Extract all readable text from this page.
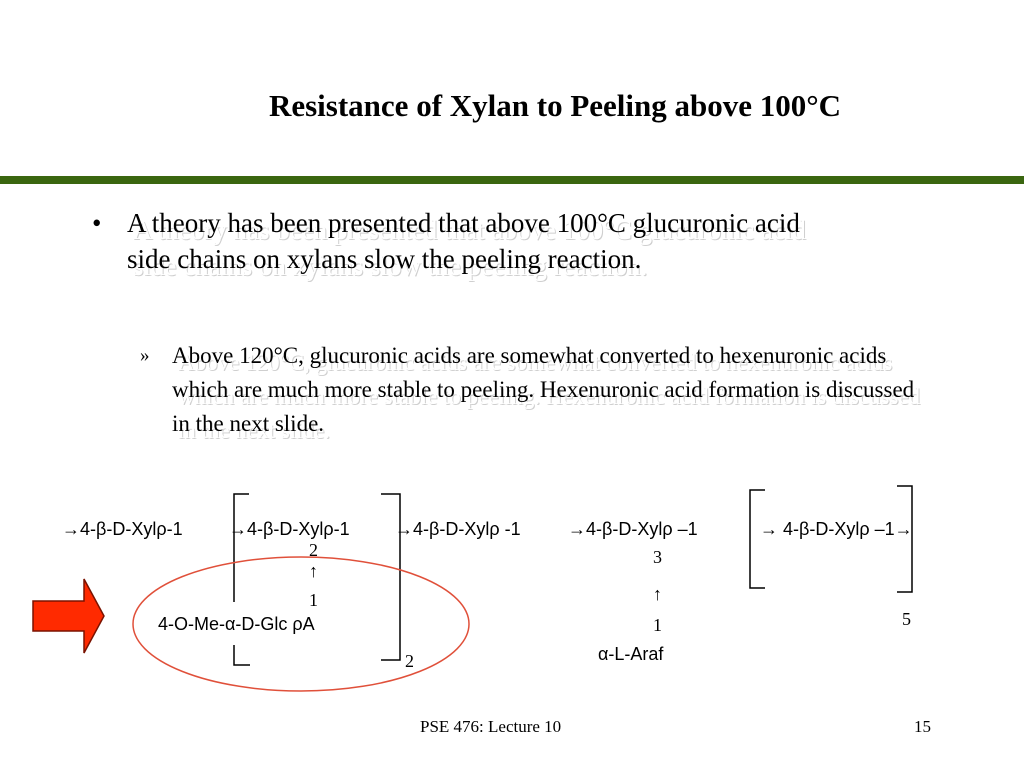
Resistance of Xylan to Peeling above 100°C
• A theory has been presented that above 100°C glucuronic acid side chains on xylans slow the peeling reaction.
» Above 120°C, glucuronic acids are somewhat converted to hexenuronic acids which are much more stable to peeling. Hexenuronic acid formation is discussed in the next slide.
→4-β-D-Xylρ-1	→4-β-D-Xylρ-1	→4-β-D-Xylρ -1	→4-β-D-Xylρ –1	→ 4-β-D-Xylρ –1→
2
↑
1
4-O-Me-α-D-Glc ρA
2
3
↑
1
α-L-Araf
5
PSE 476: Lecture 10	15
